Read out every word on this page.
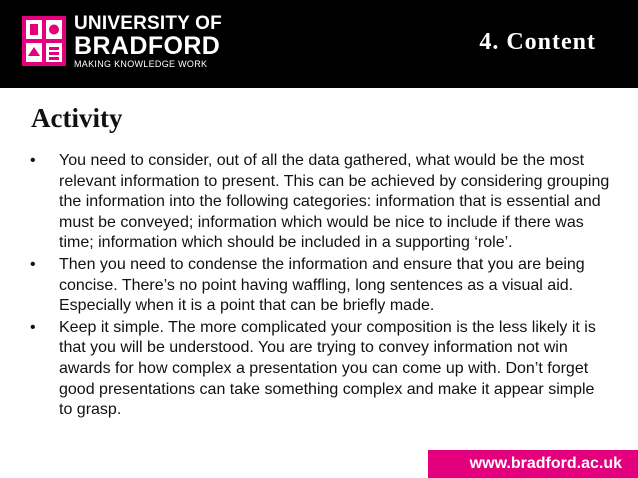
UNIVERSITY OF
BRADFORD
MAKING KNOWLEDGE WORK
4. Content
Activity
• You need to consider, out of all the data gathered, what would be the most relevant information to present. This can be achieved by considering grouping the information into the following categories: information that is essential and must be conveyed; information which would be nice to include if there was time; information which should be included in a supporting ‘role’.
• Then you need to condense the information and ensure that you are being concise. There’s no point having waffling, long sentences as a visual aid. Especially when it is a point that can be briefly made.
• Keep it simple. The more complicated your composition is the less likely it is that you will be understood. You are trying to convey information not win awards for how complex a presentation you can come up with. Don’t forget good presentations can take something complex and make it appear simple to grasp.
www.bradford.ac.uk
